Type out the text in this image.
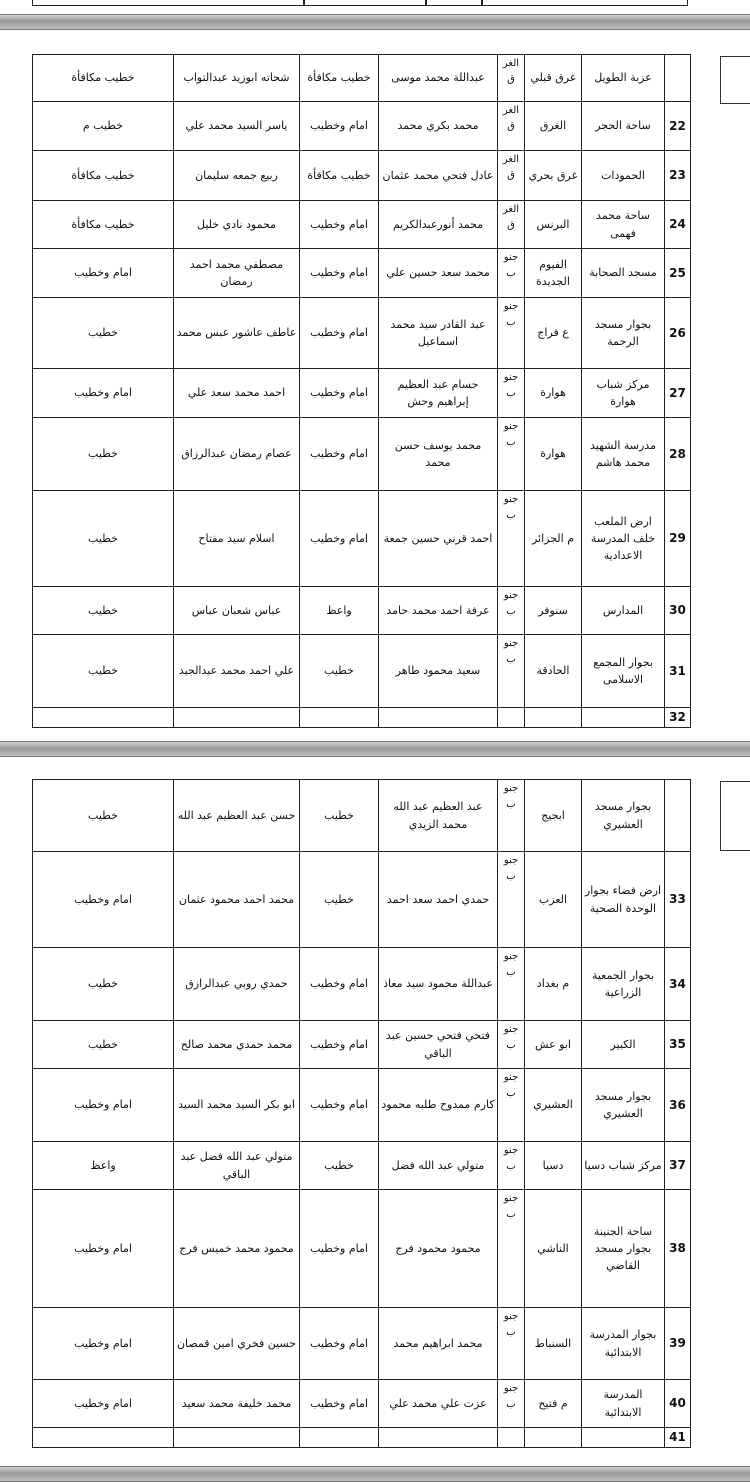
	عزبة الطويل	غرق قبلي	الغرق	عبداللة محمد موسى	خطيب مكافأة	شحاته ابوزيد عبدالتواب	خطيب مكافأة
22	ساحة الحجر	الغرق	الغرق	محمد بكري محمد	امام وخطيب	ياسر السيد محمد علي	خطيب م
23	الحمودات	غرق بحري	الغرق	عادل فتحي محمد عثمان	خطيب مكافأة	ربيع جمعه سليمان	خطيب مكافأة
24	ساحة محمد فهمى	البرنس	الغرق	محمد أنورعبدالكريم	امام وخطيب	محمود نادي خليل	خطيب مكافأة
25	مسجد الصحابة	الفيوم الجديدة	جنوب	محمد سعد حسين علي	امام وخطيب	مصطفي محمد احمد رمضان	امام وخطيب
26	بجوار مسجد الرحمة	ع فراج	جنوب	عبد القادر سيد محمد اسماعيل	امام وخطيب	عاطف عاشور عبس محمد	خطيب
27	مركز شباب هوارة	هوارة	جنوب	حسام عبد العظيم إبراهيم وحش	امام وخطيب	احمد محمد سعد علي	امام وخطيب
28	مدرسة الشهيد محمد هاشم	هوارة	جنوب	محمد يوسف حسن محمد	امام وخطيب	عصام رمضان عبدالرزاق	خطيب
29	ارض الملعب خلف المدرسة الاعدادية	م الجزائر	جنوب	احمد قرني حسين جمعة	امام وخطيب	اسلام سيد مفتاح	خطيب
30	المدارس	سنوفر	جنوب	عرفة احمد محمد حامد	واعظ	عباس شعبان عباس	خطيب
31	بجوار المجمع الاسلامى	الحادقة	جنوب	سعيد محمود طاهر	خطيب	علي احمد محمد عبدالجيد	خطيب
32							
	بجوار مسجد العشيري	ابجيج	جنوب	عبد العظيم عبد الله محمد الزيدي	خطيب	حسن عبد العظيم عبد الله	خطيب
33	ارض فضاء بجوار الوحدة الصحية	العزب	جنوب	حمدي احمد سعد احمد	خطيب	محمد احمد محمود عثمان	امام وخطيب
34	بجوار الجمعية الزراعية	م بغداد	جنوب	عبداللة محمود سيد معاذ	امام وخطيب	حمدي روبي عبدالرازق	خطيب
35	الكبير	ابو عش	جنوب	فتحي فتحي حسين عبد الباقي	امام وخطيب	محمد حمدي محمد صالح	خطيب
36	بجوار مسجد العشيري	العشيري	جنوب	كارم ممدوح طلبه محمود	امام وخطيب	ابو بكر السيد محمد السيد	امام وخطيب
37	مركز شباب دسيا	دسيا	جنوب	متولي عبد الله فضل	خطيب	متولي عبد الله فضل عبد الباقي	واعظ
38	ساحة الجنينة بجوار مسجد القاضي	الناشي	جنوب	محمود محمود فرج	امام وخطيب	محمود محمد خميس فرج	امام وخطيب
39	بجوار المدرسة الابتدائية	السنباط	جنوب	محمد ابراهيم محمد	امام وخطيب	حسين فخري امين قمصان	امام وخطيب
40	المدرسة الابتدائية	م فتيح	جنوب	عزت علي محمد علي	امام وخطيب	محمد خليفة محمد سعيد	امام وخطيب
41							
